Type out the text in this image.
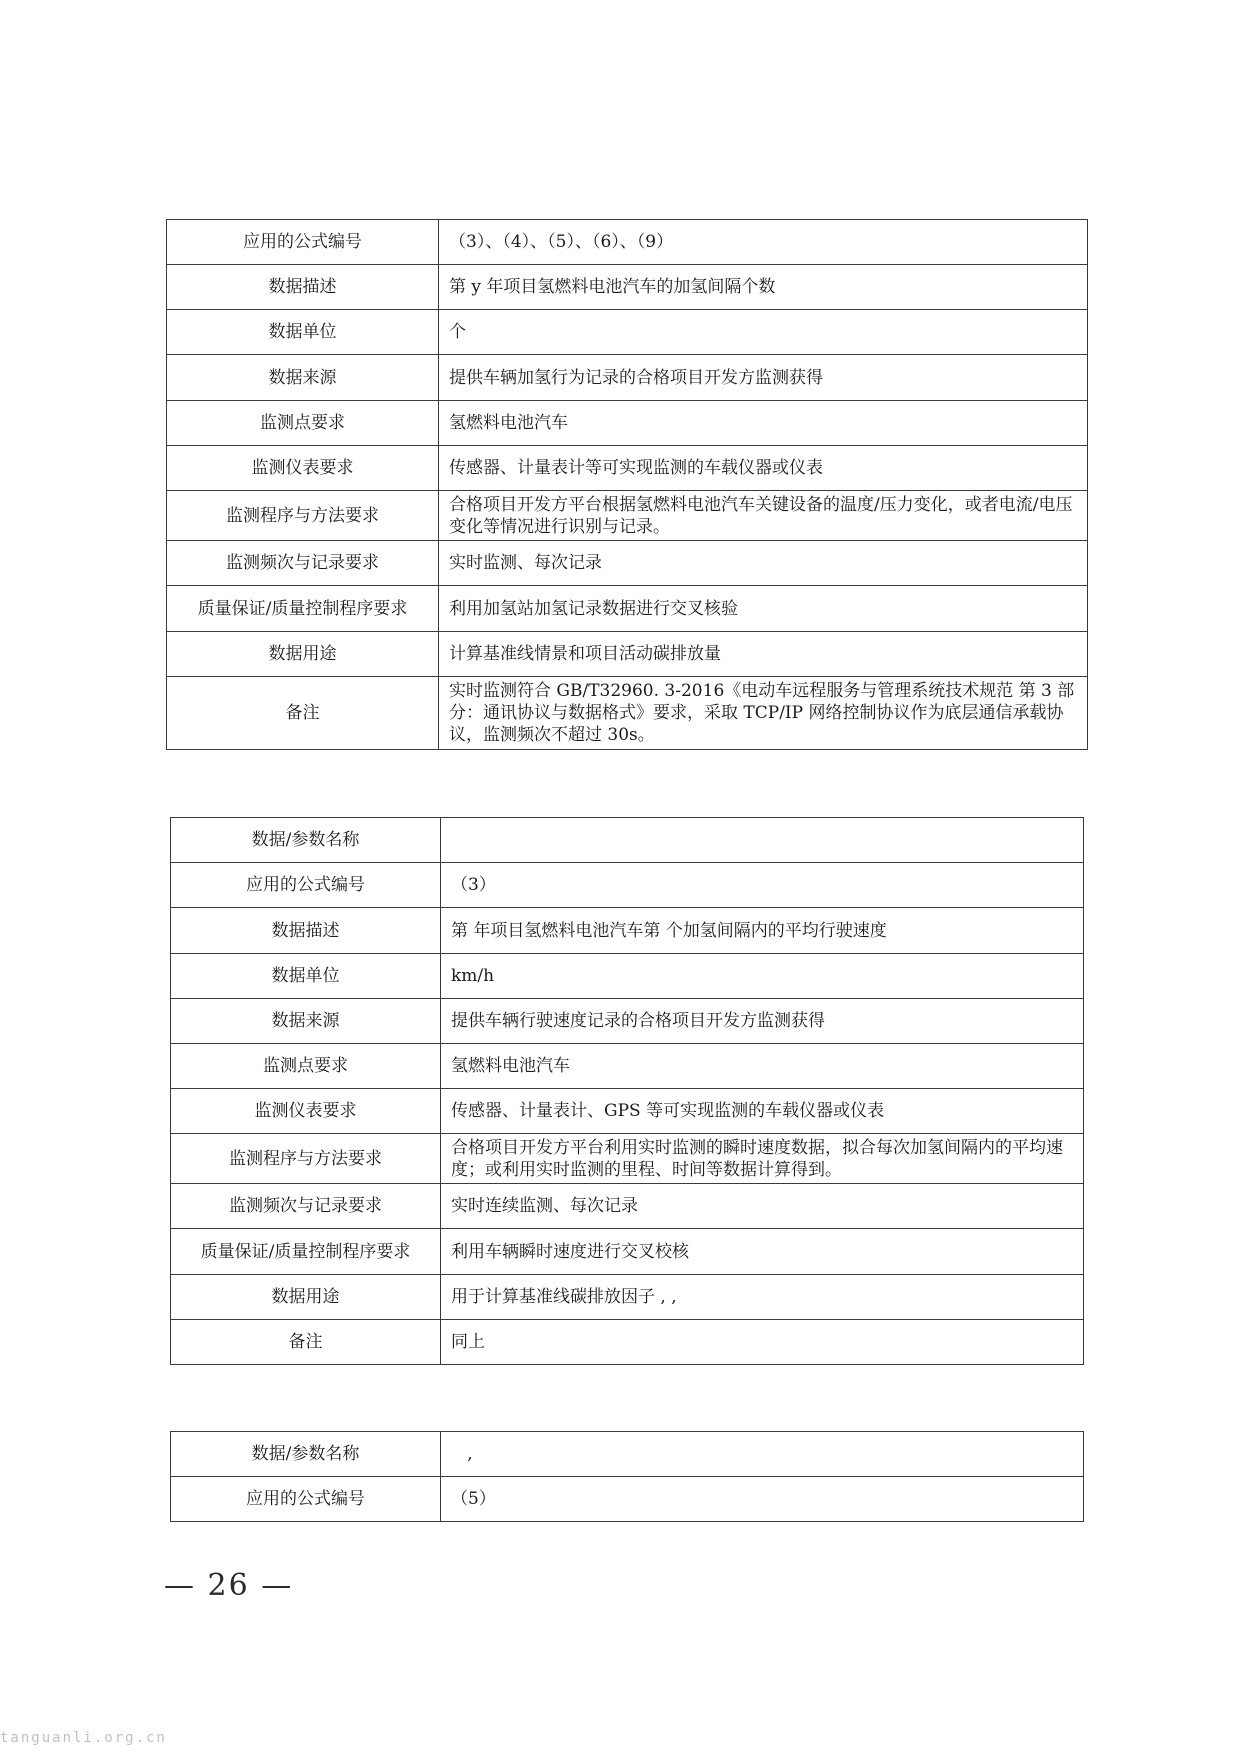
应用的公式编号	（3）、（4）、（5）、（6）、（9）
数据描述	第 y 年项目氢燃料电池汽车的加氢间隔个数
数据单位	个
数据来源	提供车辆加氢行为记录的合格项目开发方监测获得
监测点要求	氢燃料电池汽车
监测仪表要求	传感器、计量表计等可实现监测的车载仪器或仪表
监测程序与方法要求	合格项目开发方平台根据氢燃料电池汽车关键设备的温度/压力变化，或者电流/电压变化等情况进行识别与记录。
监测频次与记录要求	实时监测、每次记录
质量保证/质量控制程序要求	利用加氢站加氢记录数据进行交叉核验
数据用途	计算基准线情景和项目活动碳排放量
备注	实时监测符合 GB/T32960. 3-2016《电动车远程服务与管理系统技术规范 第 3 部分：通讯协议与数据格式》要求，采取 TCP/IP 网络控制协议作为底层通信承载协议，监测频次不超过 30s。
数据/参数名称	
应用的公式编号	（3）
数据描述	第 年项目氢燃料电池汽车第 个加氢间隔内的平均行驶速度
数据单位	km/h
数据来源	提供车辆行驶速度记录的合格项目开发方监测获得
监测点要求	氢燃料电池汽车
监测仪表要求	传感器、计量表计、GPS 等可实现监测的车载仪器或仪表
监测程序与方法要求	合格项目开发方平台利用实时监测的瞬时速度数据，拟合每次加氢间隔内的平均速度；或利用实时监测的里程、时间等数据计算得到。
监测频次与记录要求	实时连续监测、每次记录
质量保证/质量控制程序要求	利用车辆瞬时速度进行交叉校核
数据用途	用于计算基准线碳排放因子 , ,
备注	同上
数据/参数名称	,
应用的公式编号	（5）
— 26 —
tanguanli.org.cn
